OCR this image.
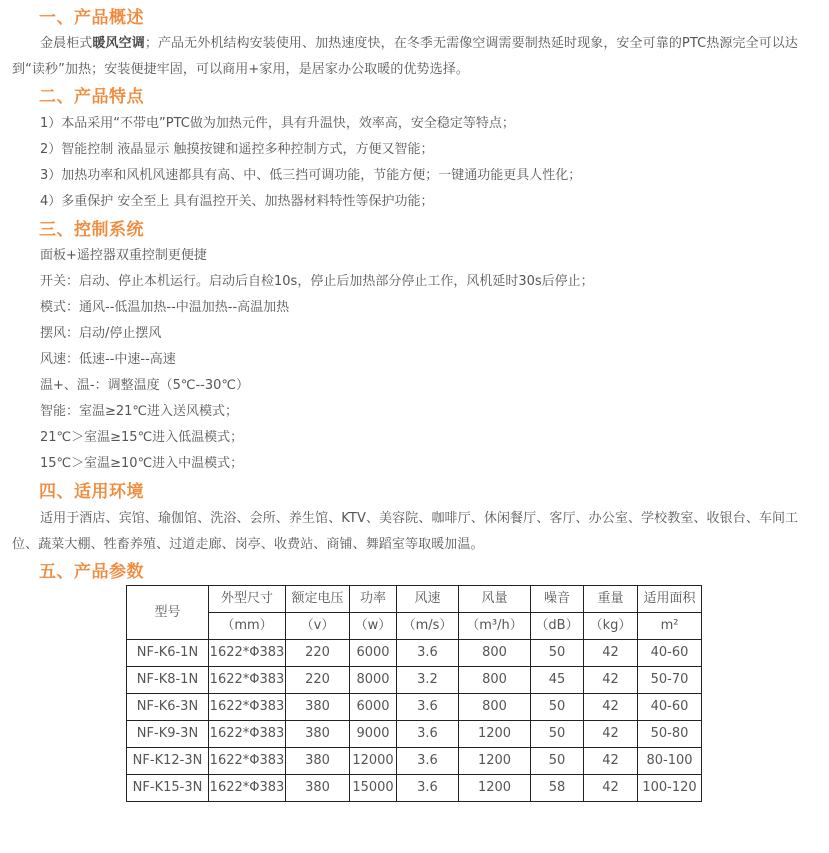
一、产品概述
金晨柜式暖风空调；产品无外机结构安装使用、加热速度快，在冬季无需像空调需要制热延时现象，安全可靠的PTC热源完全可以达到“读秒”加热；安装便捷牢固，可以商用+家用，是居家办公取暖的优势选择。
二、产品特点
1）本品采用“不带电”PTC做为加热元件，具有升温快，效率高，安全稳定等特点；
2）智能控制 液晶显示 触摸按键和遥控多种控制方式，方便又智能；
3）加热功率和风机风速都具有高、中、低三挡可调功能，节能方便；一键通功能更具人性化；
4）多重保护 安全至上 具有温控开关、加热器材料特性等保护功能；
三、控制系统
面板+遥控器双重控制更便捷
开关：启动、停止本机运行。启动后自检10s，停止后加热部分停止工作，风机延时30s后停止；
模式：通风--低温加热--中温加热--高温加热
摆风：启动/停止摆风
风速：低速--中速--高速
温+、温-：调整温度（5℃--30℃）
智能：室温≥21℃进入送风模式；
21℃＞室温≥15℃进入低温模式；
15℃＞室温≥10℃进入中温模式；
四、适用环境
适用于酒店、宾馆、瑜伽馆、洗浴、会所、养生馆、KTV、美容院、咖啡厅、休闲餐厅、客厅、办公室、学校教室、收银台、车间工位、蔬菜大棚、牲畜养殖、过道走廊、岗亭、收费站、商铺、舞蹈室等取暖加温。
五、产品参数
型号	外型尺寸	额定电压	功率	风速	风量	噪音	重量	适用面积
	（mm）	（v）	（w）	（m/s）	（m³/h）	（dB）	（kg）	m²
NF-K6-1N	1622*Φ383	220	6000	3.6	800	50	42	40-60
NF-K8-1N	1622*Φ383	220	8000	3.2	800	45	42	50-70
NF-K6-3N	1622*Φ383	380	6000	3.6	800	50	42	40-60
NF-K9-3N	1622*Φ383	380	9000	3.6	1200	50	42	50-80
NF-K12-3N	1622*Φ383	380	12000	3.6	1200	50	42	80-100
NF-K15-3N	1622*Φ383	380	15000	3.6	1200	58	42	100-120
